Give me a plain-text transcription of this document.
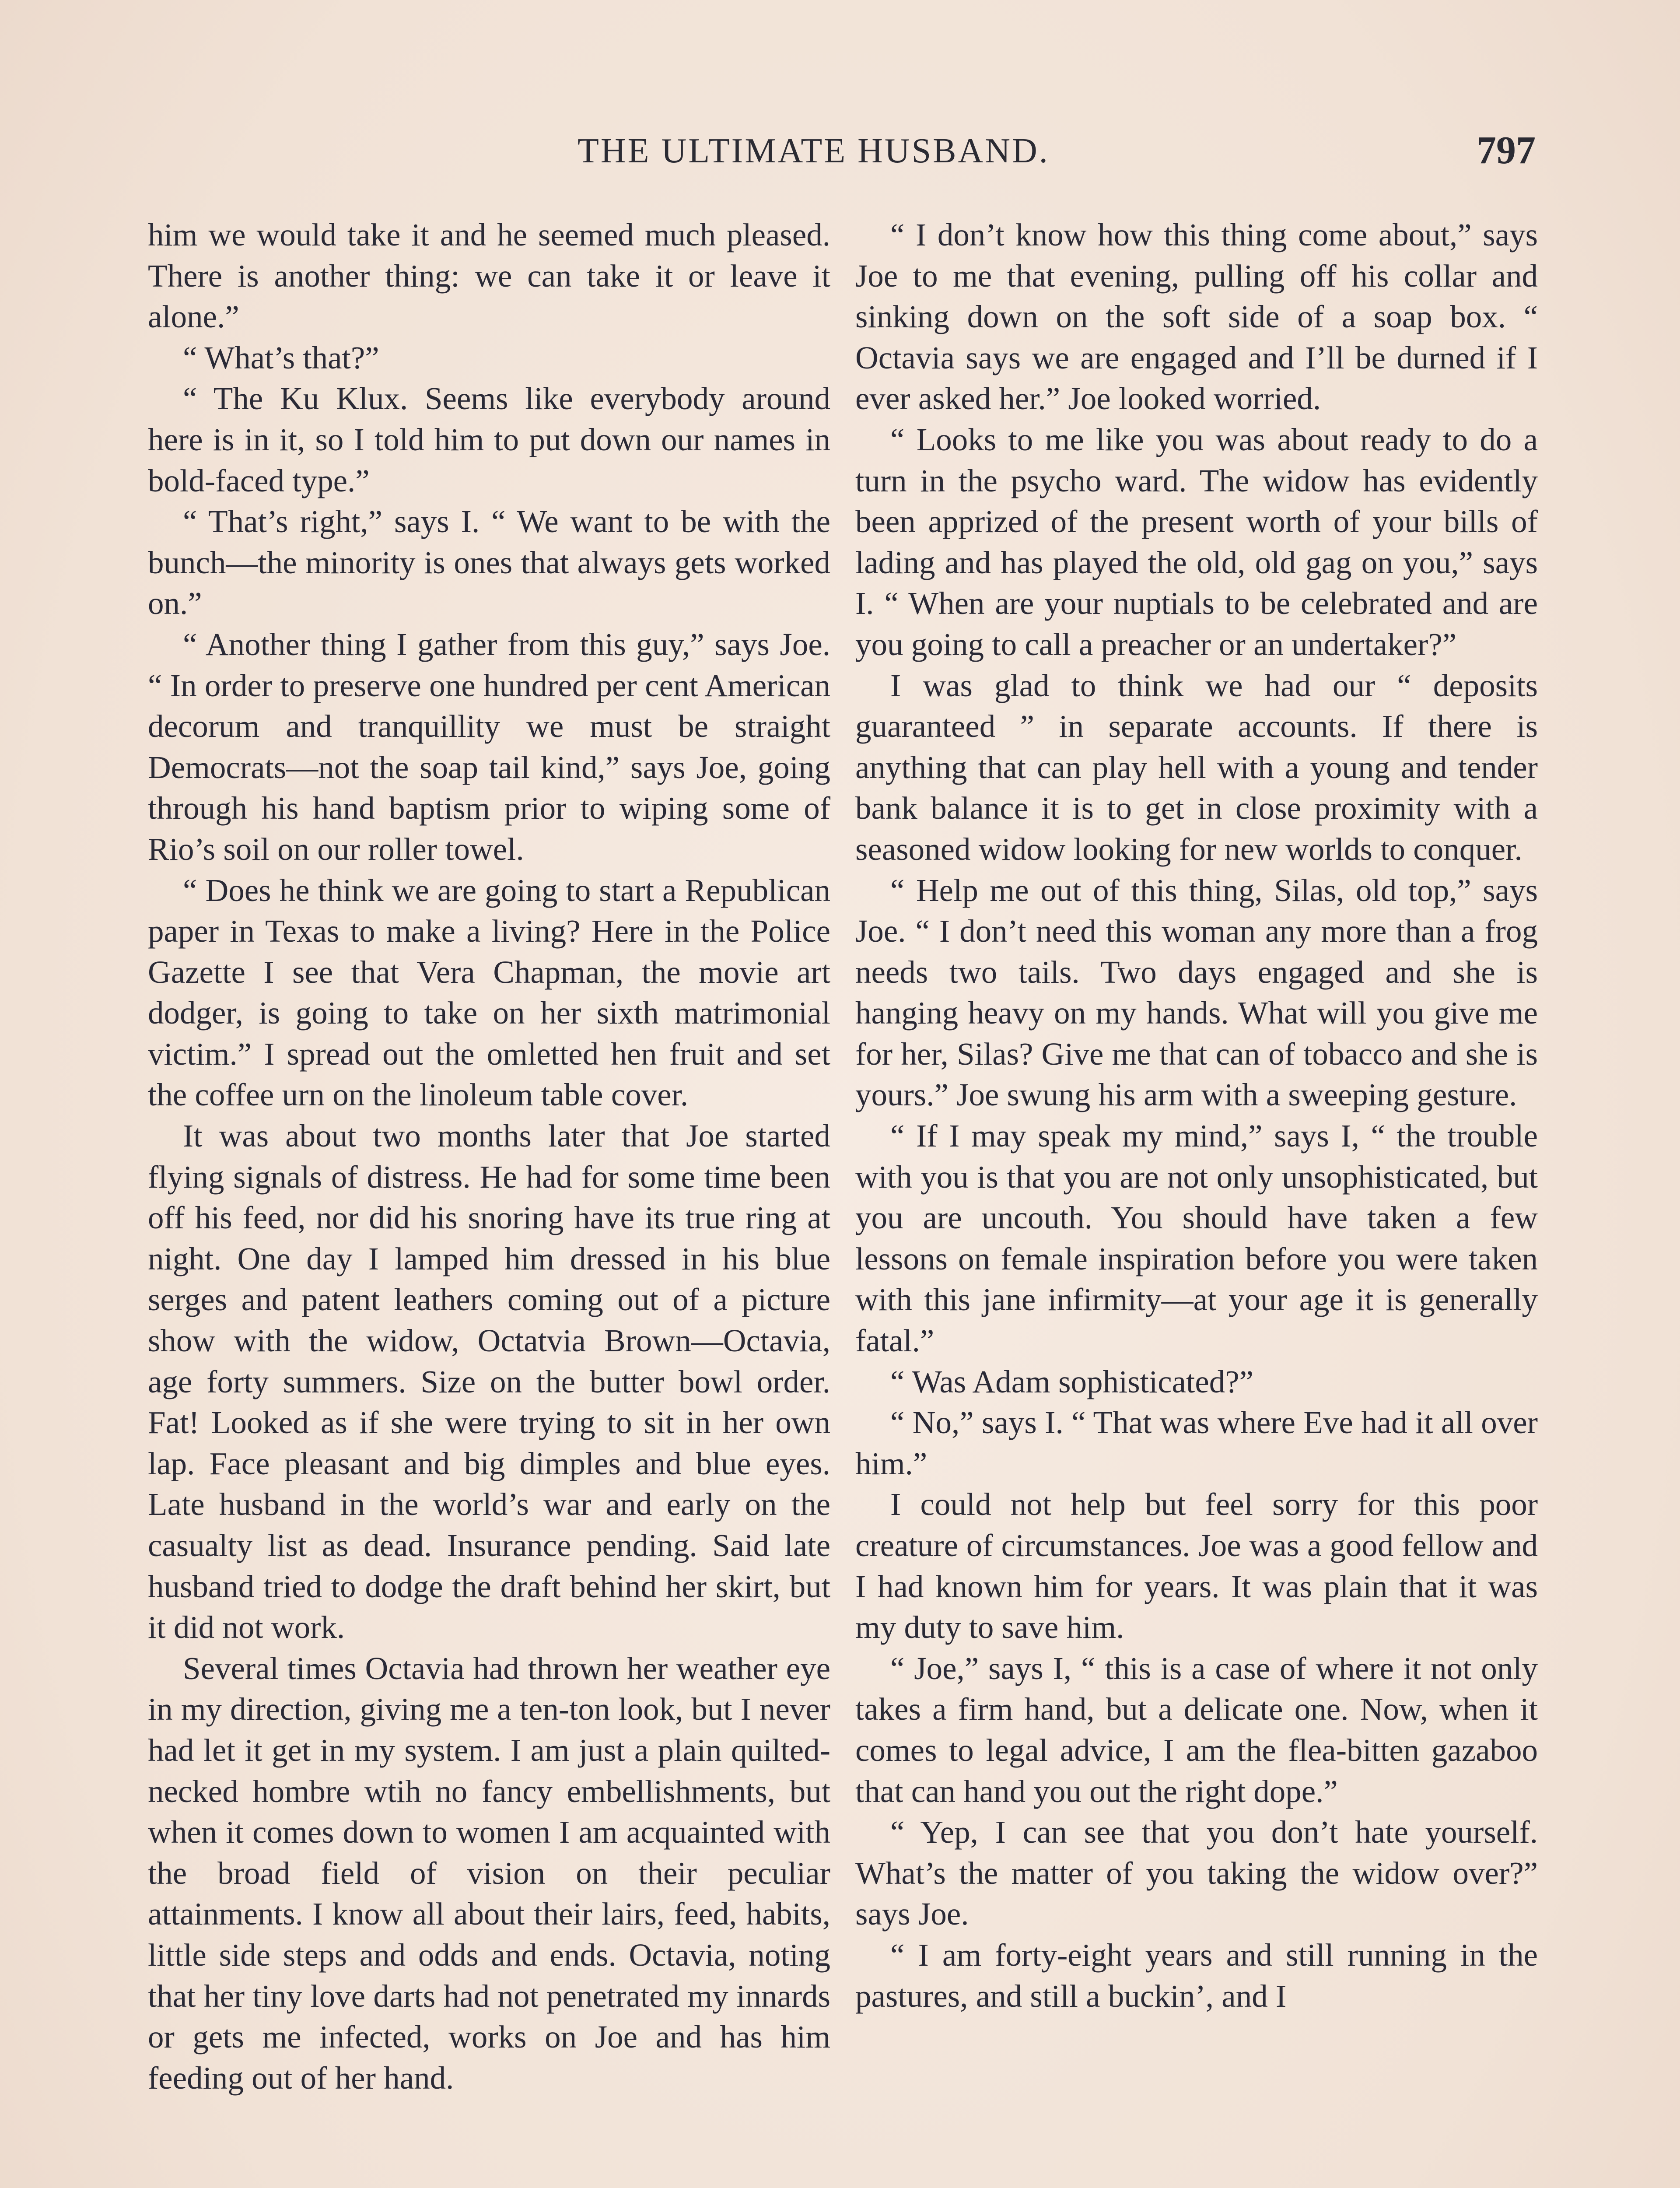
THE ULTIMATE HUSBAND.	797

him we would take it and he seemed much pleased. There is another thing: we can take it or leave it alone.”

“ What’s that?”

“ The Ku Klux. Seems like everybody around here is in it, so I told him to put down our names in bold-faced type.”

“ That’s right,” says I. “ We want to be with the bunch—the minority is ones that always gets worked on.”

“ Another thing I gather from this guy,” says Joe. “ In order to preserve one hundred per cent American decorum and tranquillity we must be straight Democrats—not the soap tail kind,” says Joe, going through his hand baptism prior to wiping some of Rio’s soil on our roller towel.

“ Does he think we are going to start a Republican paper in Texas to make a living? Here in the Police Gazette I see that Vera Chapman, the movie art dodger, is going to take on her sixth matrimonial victim.” I spread out the omletted hen fruit and set the coffee urn on the linoleum table cover.

It was about two months later that Joe started flying signals of distress. He had for some time been off his feed, nor did his snoring have its true ring at night. One day I lamped him dressed in his blue serges and patent leathers coming out of a picture show with the widow, Octatvia Brown—Octavia, age forty summers. Size on the butter bowl order. Fat! Looked as if she were trying to sit in her own lap. Face pleasant and big dimples and blue eyes. Late husband in the world’s war and early on the casualty list as dead. Insurance pending. Said late husband tried to dodge the draft behind her skirt, but it did not work.

Several times Octavia had thrown her weather eye in my direction, giving me a ten-ton look, but I never had let it get in my system. I am just a plain quilted-necked hombre wtih no fancy embellishments, but when it comes down to women I am acquainted with the broad field of vision on their peculiar attainments. I know all about their lairs, feed, habits, little side steps and odds and ends. Octavia, noting that her tiny love darts had not penetrated my innards or gets me infected, works on Joe and has him feeding out of her hand.

“ I don’t know how this thing come about,” says Joe to me that evening, pulling off his collar and sinking down on the soft side of a soap box. “ Octavia says we are engaged and I’ll be durned if I ever asked her.” Joe looked worried.

“ Looks to me like you was about ready to do a turn in the psycho ward. The widow has evidently been apprized of the present worth of your bills of lading and has played the old, old gag on you,” says I. “ When are your nuptials to be celebrated and are you going to call a preacher or an undertaker?”

I was glad to think we had our “ deposits guaranteed ” in separate accounts. If there is anything that can play hell with a young and tender bank balance it is to get in close proximity with a seasoned widow looking for new worlds to conquer.

“ Help me out of this thing, Silas, old top,” says Joe. “ I don’t need this woman any more than a frog needs two tails. Two days engaged and she is hanging heavy on my hands. What will you give me for her, Silas? Give me that can of tobacco and she is yours.” Joe swung his arm with a sweeping gesture.

“ If I may speak my mind,” says I, “ the trouble with you is that you are not only unsophisticated, but you are uncouth. You should have taken a few lessons on female inspiration before you were taken with this jane infirmity—at your age it is generally fatal.”

“ Was Adam sophisticated?”

“ No,” says I. “ That was where Eve had it all over him.”

I could not help but feel sorry for this poor creature of circumstances. Joe was a good fellow and I had known him for years. It was plain that it was my duty to save him.

“ Joe,” says I, “ this is a case of where it not only takes a firm hand, but a delicate one. Now, when it comes to legal advice, I am the flea-bitten gazaboo that can hand you out the right dope.”

“ Yep, I can see that you don’t hate yourself. What’s the matter of you taking the widow over?” says Joe.

“ I am forty-eight years and still running in the pastures, and still a buckin’, and I
